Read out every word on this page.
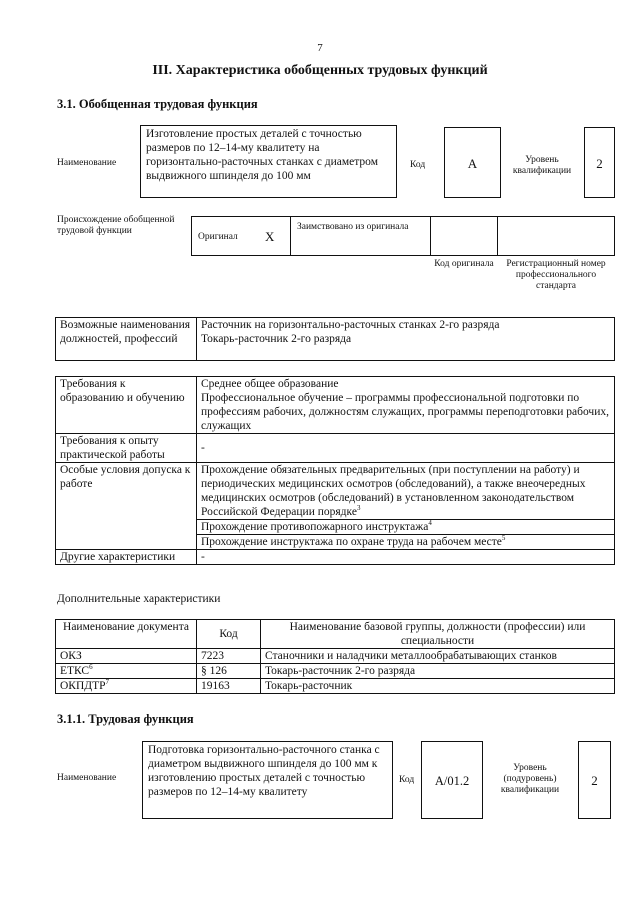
7
III. Характеристика обобщенных трудовых функций
3.1. Обобщенная трудовая функция
Наименование
Изготовление простых деталей с точностью размеров по 12–14-му квалитету на горизонтально-расточных станках с диаметром выдвижного шпинделя до 100 мм
Код	A	Уровень квалификации	2
Происхождение обобщенной трудовой функции
Оригинал X
Заимствовано из оригинала
Код оригинала	Регистрационный номер профессионального стандарта
Возможные наименования должностей, профессий	
Расточник на горизонтально-расточных станках 2-го разряда
Токарь-расточник 2-го разряда
Требования к образованию и обучению	Среднее общее образование
Профессиональное обучение – программы профессиональной подготовки по профессиям рабочих, должностям служащих, программы переподготовки рабочих, служащих

Требования к опыту практической работы	-
Особые условия допуска к работе	Прохождение обязательных предварительных (при поступлении на работу) и периодических медицинских осмотров (обследований), а также внеочередных медицинских осмотров (обследований) в установленном законодательством Российской Федерации порядке$^3$
	Прохождение противопожарного инструктажа$^4$
	Прохождение инструктажа по охране труда на рабочем месте$^5$
Другие характеристики	-
Дополнительные характеристики
Наименование документа	Код	Наименование базовой группы, должности (профессии) или специальности
ОКЗ	7223	Станочники и наладчики металлообрабатывающих станков
ЕТКС$^6$	§ 126	Токарь-расточник 2-го разряда
ОКПДТР$^7$	19163	Токарь-расточник
3.1.1. Трудовая функция
Наименование
Подготовка горизонтально-расточного станка с диаметром выдвижного шпинделя до 100 мм к изготовлению простых деталей с точностью размеров по 12–14-му квалитету
Код	A/01.2
Уровень (подуровень) квалификации
2
